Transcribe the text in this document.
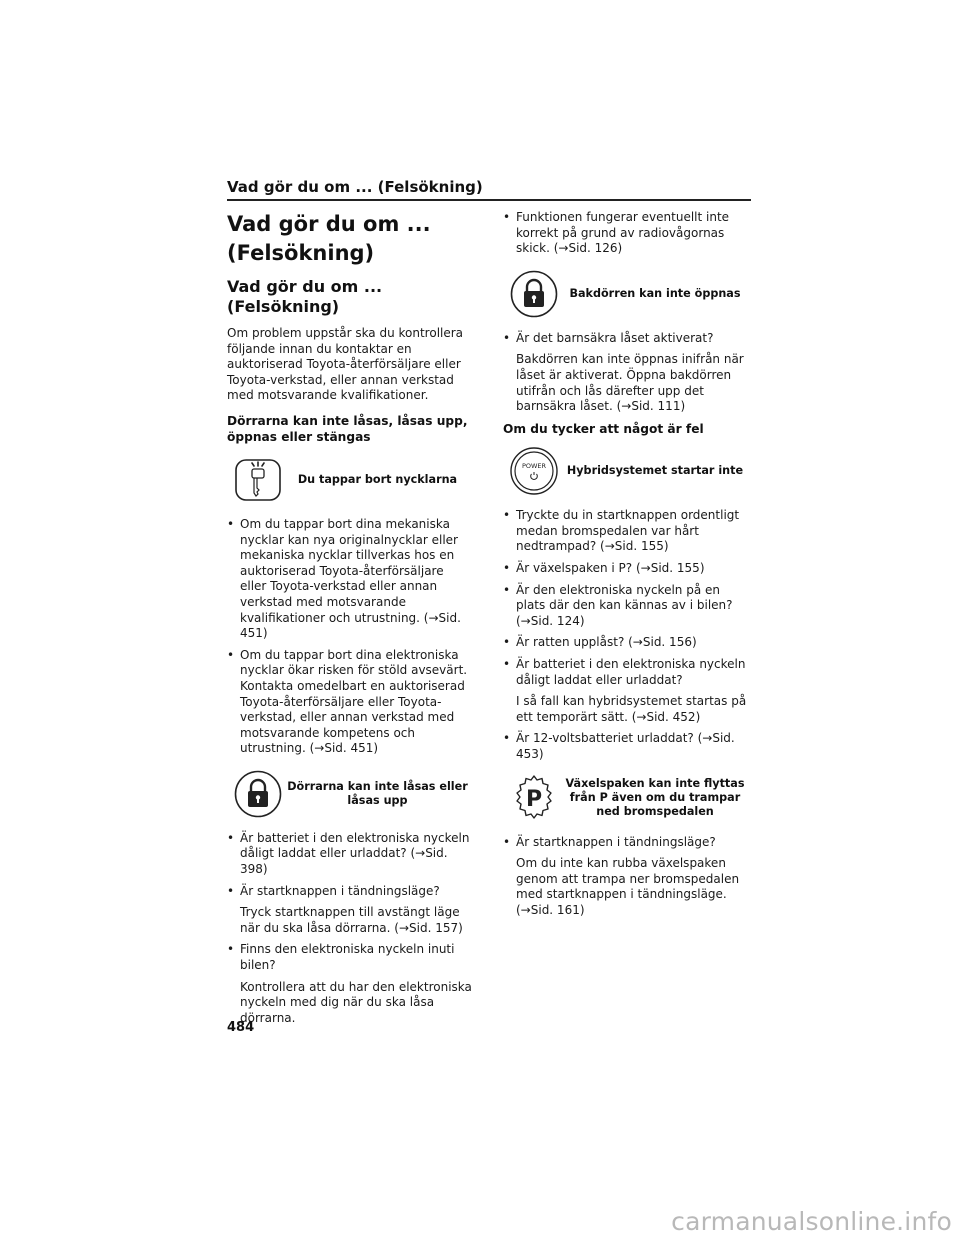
Vad gör du om ... (Felsökning)
Vad gör du om ...
(Felsökning)
Vad gör du om ... (Felsökning)
Om problem uppstår ska du kontrollera följande innan du kontaktar en auktoriserad Toyota-återförsäljare eller Toyota-verkstad, eller annan verkstad med motsvarande kvalifikationer.
Dörrarna kan inte låsas, låsas upp, öppnas eller stängas
Du tappar bort nycklarna
• Om du tappar bort dina mekaniska nycklar kan nya originalnycklar eller mekaniska nycklar tillverkas hos en auktoriserad Toyota-återförsäljare eller Toyota-verkstad eller annan verkstad med motsvarande kvalifikationer och utrustning. (→Sid. 451)
• Om du tappar bort dina elektroniska nycklar ökar risken för stöld avsevärt. Kontakta omedelbart en auktoriserad Toyota-återförsäljare eller Toyota-verkstad, eller annan verkstad med motsvarande kompetens och utrustning. (→Sid. 451)
Dörrarna kan inte låsas eller låsas upp
• Är batteriet i den elektroniska nyckeln dåligt laddat eller urladdat? (→Sid. 398)
• Är startknappen i tändningsläge?
Tryck startknappen till avstängt läge när du ska låsa dörrarna. (→Sid. 157)
• Finns den elektroniska nyckeln inuti bilen?
Kontrollera att du har den elektroniska nyckeln med dig när du ska låsa dörrarna.
• Funktionen fungerar eventuellt inte korrekt på grund av radiovågornas skick. (→Sid. 126)
Bakdörren kan inte öppnas
• Är det barnsäkra låset aktiverat?
Bakdörren kan inte öppnas inifrån när låset är aktiverat. Öppna bakdörren utifrån och lås därefter upp det barnsäkra låset. (→Sid. 111)
Om du tycker att något är fel
POWER	Hybridsystemet startar inte
• Tryckte du in startknappen ordentligt medan bromspedalen var hårt nedtrampad? (→Sid. 155)
• Är växelspaken i P? (→Sid. 155)
• Är den elektroniska nyckeln på en plats där den kan kännas av i bilen? (→Sid. 124)
• Är ratten upplåst? (→Sid. 156)
• Är batteriet i den elektroniska nyckeln dåligt laddat eller urladdat?
I så fall kan hybridsystemet startas på ett temporärt sätt. (→Sid. 452)
• Är 12-voltsbatteriet urladdat? (→Sid. 453)
P
Växelspaken kan inte flyttas från P även om du trampar ned bromspedalen
• Är startknappen i tändningsläge?
Om du inte kan rubba växelspaken genom att trampa ner bromspedalen med startknappen i tändningsläge. (→Sid. 161)
484
carmanualsonline.info
